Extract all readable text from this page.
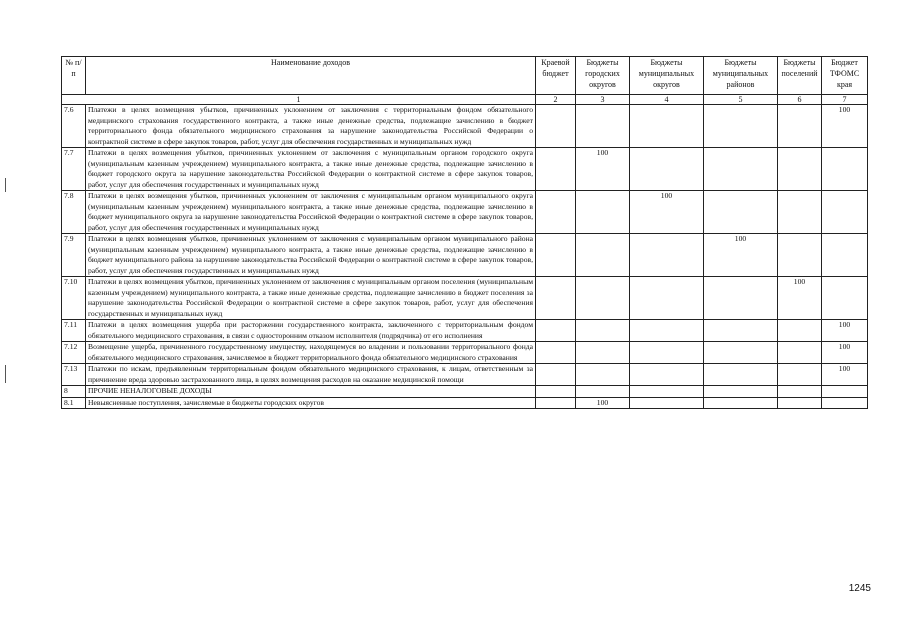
№ п/п	Наименование доходов	Краевой бюджет	Бюджеты городских округов	Бюджеты муниципальных округов	Бюджеты муниципальных районов	Бюджеты поселений	Бюджет ТФОМС края
1		2	3	4	5	6	7
7.6	Платежи в целях возмещения убытков, причиненных уклонением от заключения с территориальным фондом обязательного медицинского страхования государственного контракта, а также иные денежные средства, подлежащие зачислению в бюджет территориального фонда обязательного медицинского страхования за нарушение законодательства Российской Федерации о контрактной системе в сфере закупок товаров, работ, услуг для обеспечения государственных и муниципальных нужд						100
7.7	Платежи в целях возмещения убытков, причиненных уклонением от заключения с муниципальным органом городского округа (муниципальным казенным учреждением) муниципального контракта, а также иные денежные средства, подлежащие зачислению в бюджет городского округа за нарушение законодательства Российской Федерации о контрактной системе в сфере закупок товаров, работ, услуг для обеспечения государственных и муниципальных нужд		100				
7.8	Платежи в целях возмещения убытков, причиненных уклонением от заключения с муниципальным органом муниципального округа (муниципальным казенным учреждением) муниципального контракта, а также иные денежные средства, подлежащие зачислению в бюджет муниципального округа за нарушение законодательства Российской Федерации о контрактной системе в сфере закупок товаров, работ, услуг для обеспечения государственных и муниципальных нужд			100			
7.9	Платежи в целях возмещения убытков, причиненных уклонением от заключения с муниципальным органом муниципального района (муниципальным казенным учреждением) муниципального контракта, а также иные денежные средства, подлежащие зачислению в бюджет муниципального района за нарушение законодательства Российской Федерации о контрактной системе в сфере закупок товаров, работ, услуг для обеспечения государственных и муниципальных нужд				100		
7.10	Платежи в целях возмещения убытков, причиненных уклонением от заключения с муниципальным органом поселения (муниципальным казенным учреждением) муниципального контракта, а также иные денежные средства, подлежащие зачислению в бюджет поселения за нарушение законодательства Российской Федерации о контрактной системе в сфере закупок товаров, работ, услуг для обеспечения государственных и муниципальных нужд					100	
7.11	Платежи в целях возмещения ущерба при расторжении государственного контракта, заключенного с территориальным фондом обязательного медицинского страхования, в связи с односторонним отказом исполнителя (подрядчика) от его исполнения						100
7.12	Возмещение ущерба, причиненного государственному имуществу, находящемуся во владении и пользовании территориального фонда обязательного медицинского страхования, зачисляемое в бюджет территориального фонда обязательного медицинского страхования						100
7.13	Платежи по искам, предъявленным территориальным фондом обязательного медицинского страхования, к лицам, ответственным за причинение вреда здоровью застрахованного лица, в целях возмещения расходов на оказание медицинской помощи						100
8	ПРОЧИЕ НЕНАЛОГОВЫЕ ДОХОДЫ						
8.1	Невыясненные поступления, зачисляемые в бюджеты городских округов		100				
1245
